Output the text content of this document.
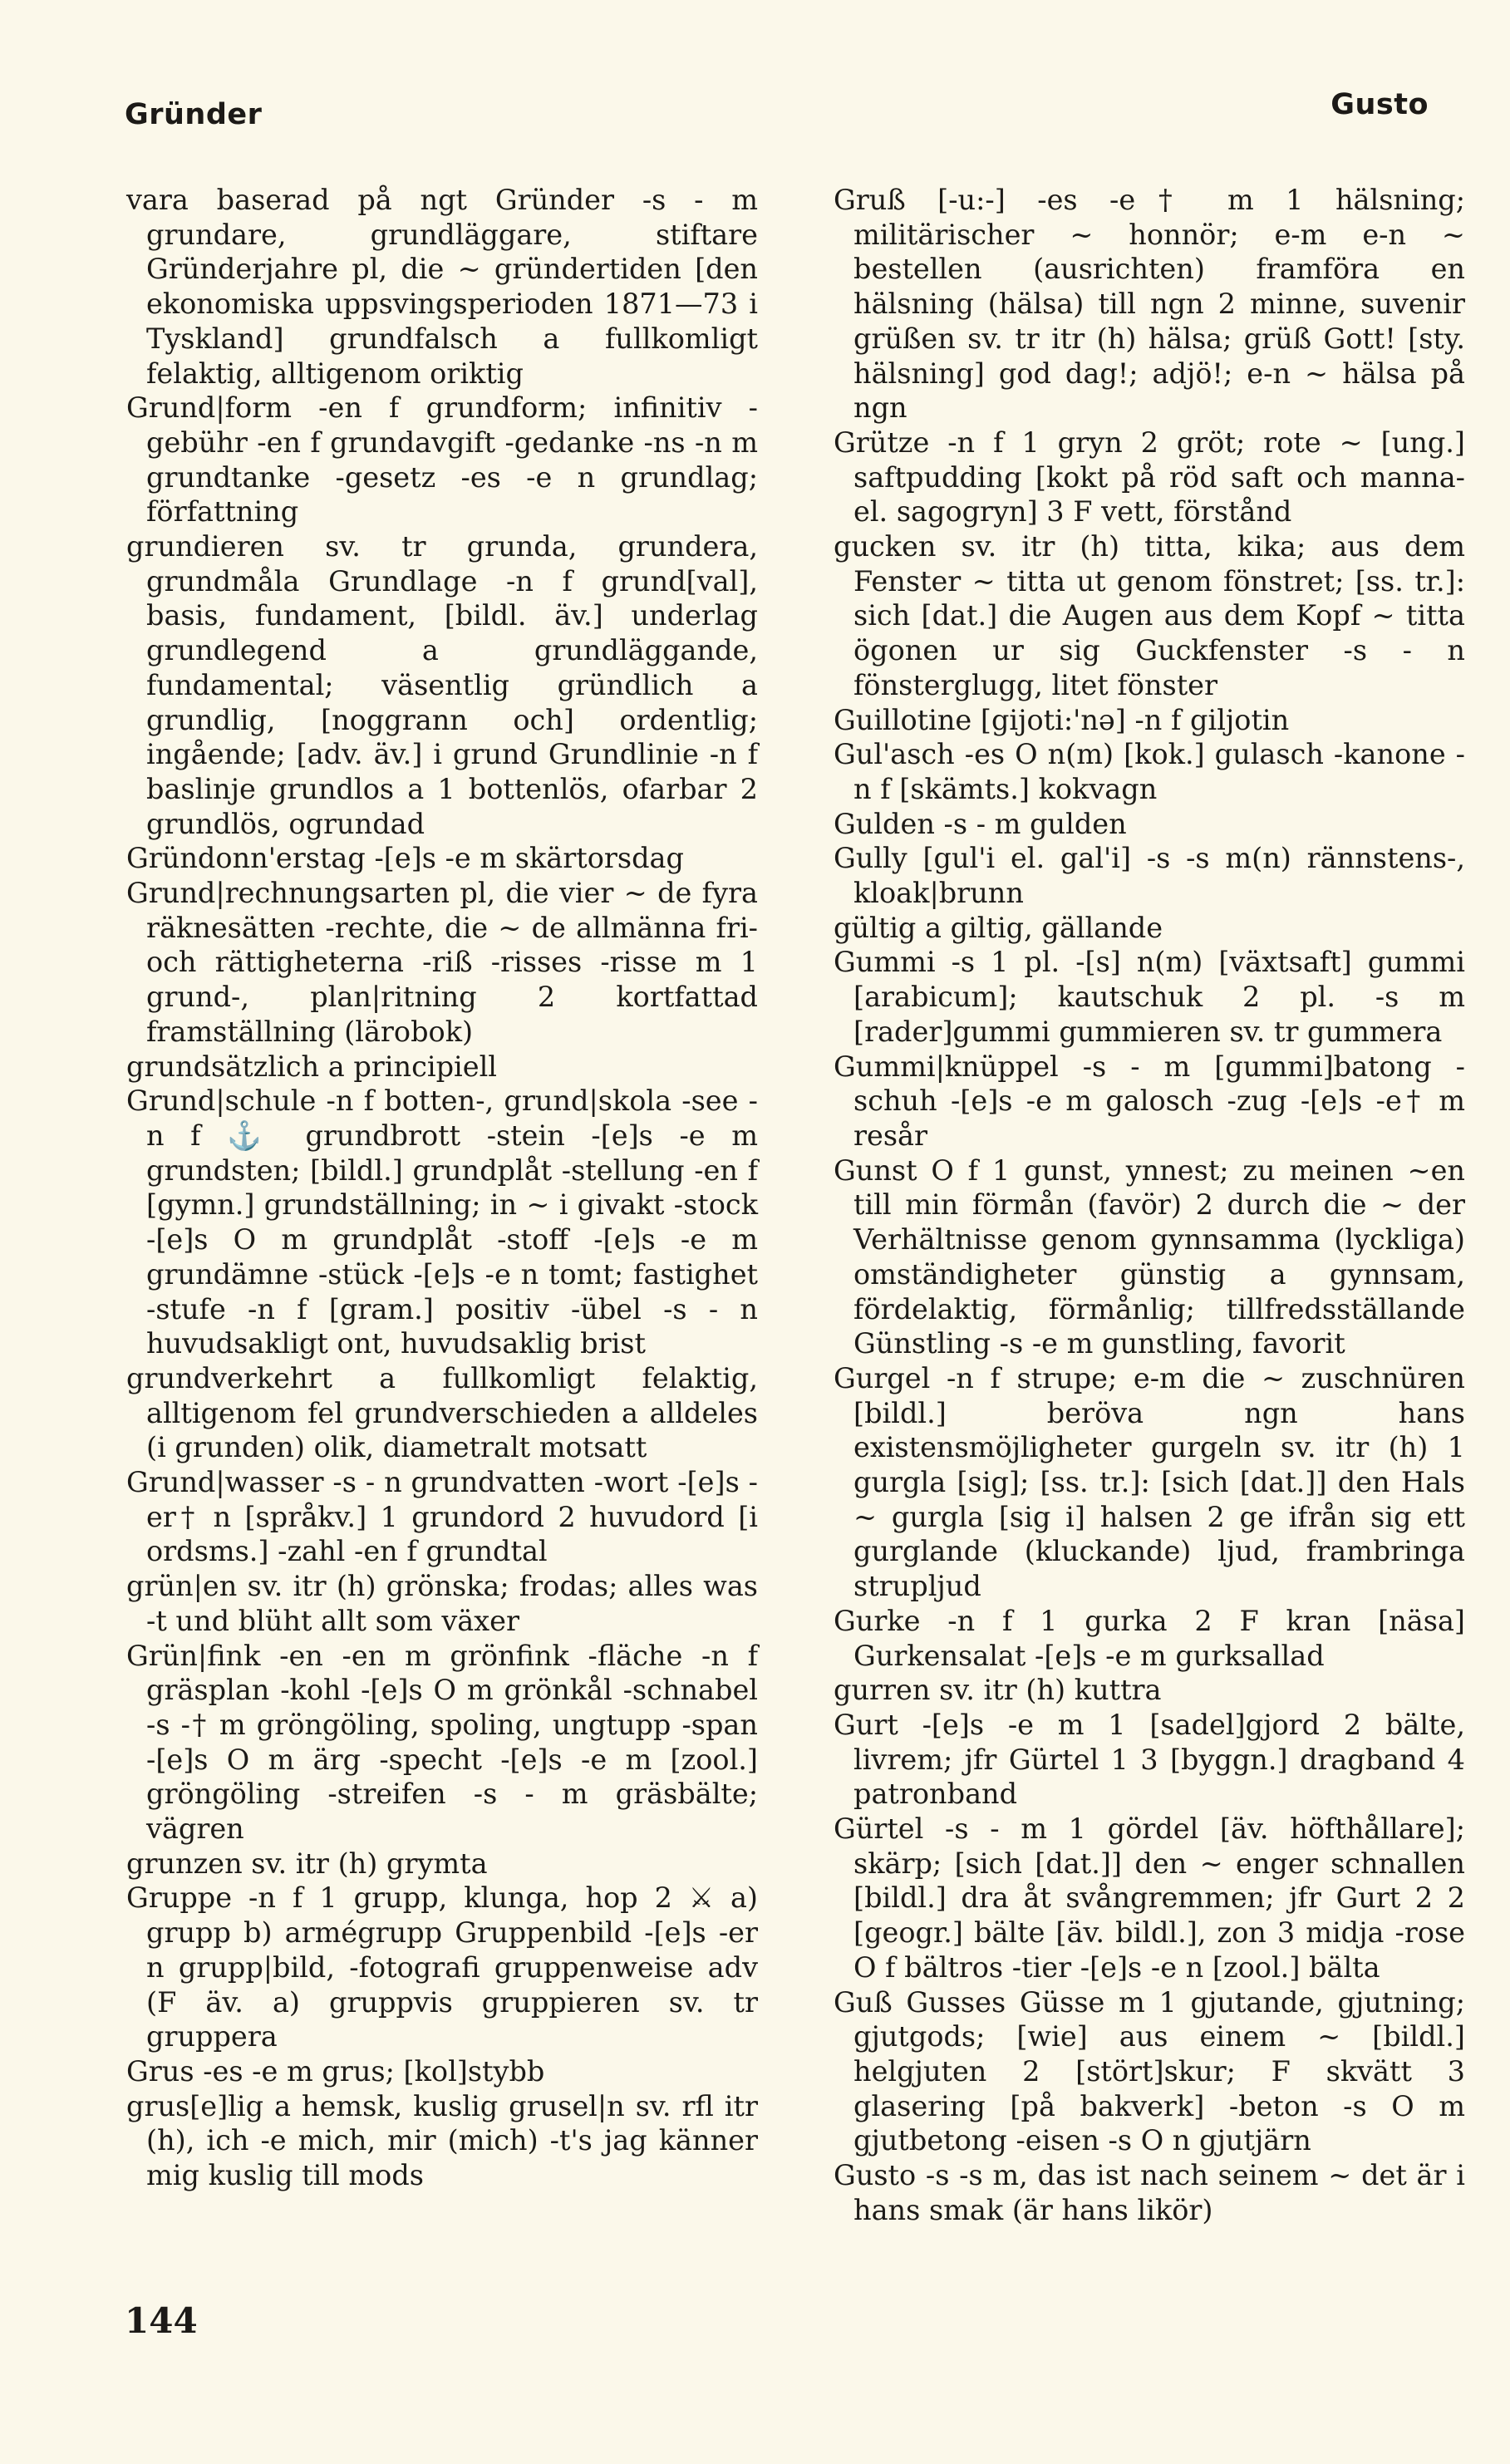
Gründer	Gusto

vara baserad på ngt Gründer -s - m grundare, grundläggare, stiftare Gründerjahre pl, die ~ gründertiden [den ekonomiska uppsvingsperioden 1871—73 i Tyskland] grundfalsch a fullkomligt felaktig, alltigenom oriktig

Grund|form -en f grundform; infinitiv -gebühr -en f grundavgift -gedanke -ns -n m grundtanke -gesetz -es -e n grundlag; författning

grundieren sv. tr grunda, grundera, grundmåla Grundlage -n f grund[val], basis, fundament, [bildl. äv.] underlag grundlegend a grundläggande, fundamental; väsentlig gründlich a grundlig, [noggrann och] ordentlig; ingående; [adv. äv.] i grund Grundlinie -n f baslinje grundlos a 1 bottenlös, ofarbar 2 grundlös, ogrundad

Gründonn'erstag -[e]s -e m skärtorsdag

Grund|rechnungsarten pl, die vier ~ de fyra räknesätten -rechte, die ~ de allmänna fri- och rättigheterna -riß -risses -risse m 1 grund-, plan|ritning 2 kortfattad framställning (lärobok)

grundsätzlich a principiell

Grund|schule -n f botten-, grund|skola -see -n f ⚓ grundbrott -stein -[e]s -e m grundsten; [bildl.] grundplåt -stellung -en f [gymn.] grundställning; in ~ i givakt -stock -[e]s O m grundplåt -stoff -[e]s -e m grundämne -stück -[e]s -e n tomt; fastighet -stufe -n f [gram.] positiv -übel -s - n huvudsakligt ont, huvudsaklig brist

grundverkehrt a fullkomligt felaktig, alltigenom fel grundverschieden a alldeles (i grunden) olik, diametralt motsatt

Grund|wasser -s - n grundvatten -wort -[e]s -er† n [språkv.] 1 grundord 2 huvudord [i ordsms.] -zahl -en f grundtal

grün|en sv. itr (h) grönska; frodas; alles was -t und blüht allt som växer

Grün|fink -en -en m grönfink -fläche -n f gräsplan -kohl -[e]s O m grönkål -schnabel -s -† m gröngöling, spoling, ungtupp -span -[e]s O m ärg -specht -[e]s -e m [zool.] gröngöling -streifen -s - m gräsbälte; vägren

grunzen sv. itr (h) grymta

Gruppe -n f 1 grupp, klunga, hop 2 ⚔ a) grupp b) armégrupp Gruppenbild -[e]s -er n grupp|bild, -fotografi gruppenweise adv (F äv. a) gruppvis gruppieren sv. tr gruppera

Grus -es -e m grus; [kol]stybb

grus[e]lig a hemsk, kuslig grusel|n sv. rfl itr (h), ich -e mich, mir (mich) -t's jag känner mig kuslig till mods

Gruß [-u:-] -es -e† m 1 hälsning; militärischer ~ honnör; e-m e-n ~ bestellen (ausrichten) framföra en hälsning (hälsa) till ngn 2 minne, suvenir grüßen sv. tr itr (h) hälsa; grüß Gott! [sty. hälsning] god dag!; adjö!; e-n ~ hälsa på ngn

Grütze -n f 1 gryn 2 gröt; rote ~ [ung.] saftpudding [kokt på röd saft och manna- el. sagogryn] 3 F vett, förstånd

gucken sv. itr (h) titta, kika; aus dem Fenster ~ titta ut genom fönstret; [ss. tr.]: sich [dat.] die Augen aus dem Kopf ~ titta ögonen ur sig Guckfenster -s - n fönsterglugg, litet fönster

Guillotine [gijoti:'nə] -n f giljotin

Gul'asch -es O n(m) [kok.] gulasch -kanone -n f [skämts.] kokvagn

Gulden -s - m gulden

Gully [gul'i el. gal'i] -s -s m(n) rännstens-, kloak|brunn

gültig a giltig, gällande

Gummi -s 1 pl. -[s] n(m) [växtsaft] gummi [arabicum]; kautschuk 2 pl. -s m [rader]gummi gummieren sv. tr gummera

Gummi|knüppel -s - m [gummi]batong -schuh -[e]s -e m galosch -zug -[e]s -e† m resår

Gunst O f 1 gunst, ynnest; zu meinen ~en till min förmån (favör) 2 durch die ~ der Verhältnisse genom gynnsamma (lyckliga) omständigheter günstig a gynnsam, fördelaktig, förmånlig; tillfredsställande Günstling -s -e m gunstling, favorit

Gurgel -n f strupe; e-m die ~ zuschnüren [bildl.] beröva ngn hans existensmöjligheter gurgeln sv. itr (h) 1 gurgla [sig]; [ss. tr.]: [sich [dat.]] den Hals ~ gurgla [sig i] halsen 2 ge ifrån sig ett gurglande (kluckande) ljud, frambringa strupljud

Gurke -n f 1 gurka 2 F kran [näsa] Gurkensalat -[e]s -e m gurksallad

gurren sv. itr (h) kuttra

Gurt -[e]s -e m 1 [sadel]gjord 2 bälte, livrem; jfr Gürtel 1 3 [byggn.] dragband 4 patronband

Gürtel -s - m 1 gördel [äv. höfthållare]; skärp; [sich [dat.]] den ~ enger schnallen [bildl.] dra åt svångremmen; jfr Gurt 2 2 [geogr.] bälte [äv. bildl.], zon 3 midja -rose O f bältros -tier -[e]s -e n [zool.] bälta

Guß Gusses Güsse m 1 gjutande, gjutning; gjutgods; [wie] aus einem ~ [bildl.] helgjuten 2 [stört]skur; F skvätt 3 glasering [på bakverk] -beton -s O m gjutbetong -eisen -s O n gjutjärn

Gusto -s -s m, das ist nach seinem ~ det är i hans smak (är hans likör)

144
